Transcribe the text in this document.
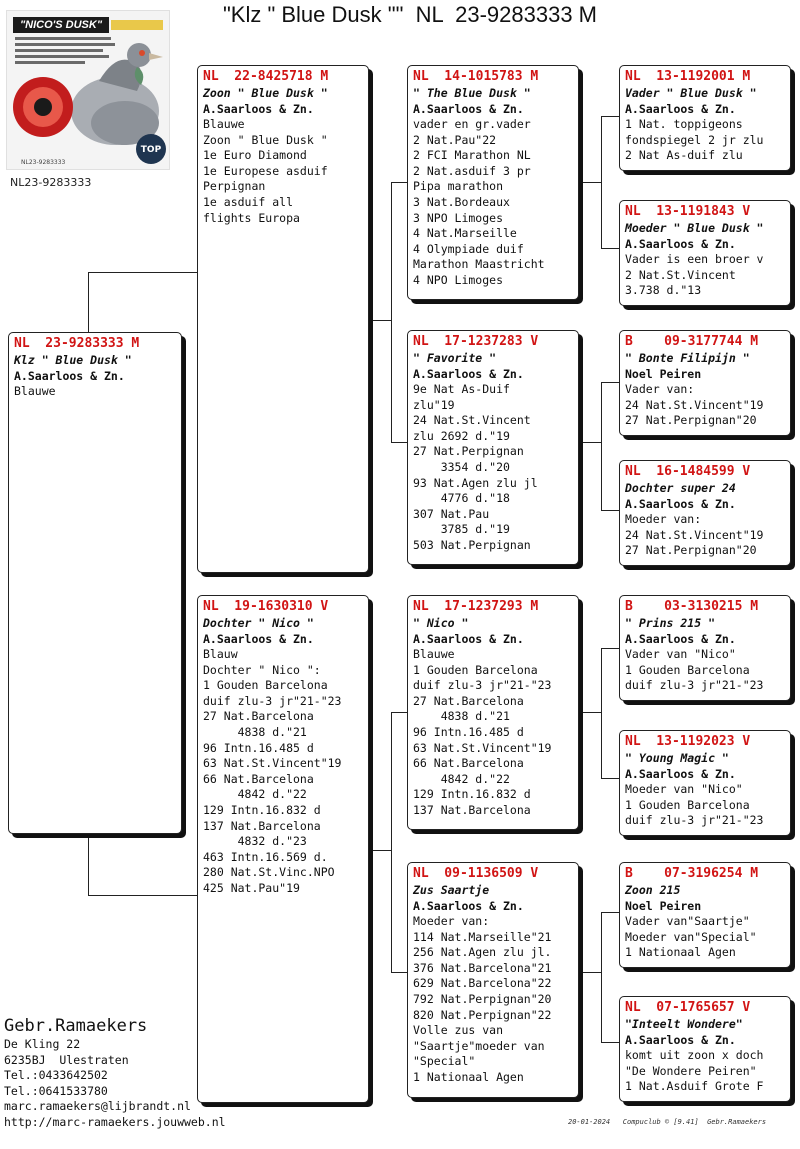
"Klz " Blue Dusk ""  NL  23-9283333 M
"NICO'S DUSK"
TOP
NL23-9283333
NL23-9283333
NL  23-9283333 M
Klz " Blue Dusk "
A.Saarloos & Zn.
Blauwe
NL  22-8425718 M
Zoon " Blue Dusk "
A.Saarloos & Zn.
Blauwe
Zoon " Blue Dusk "
1e Euro Diamond
1e Europese asduif
Perpignan
1e asduif all
flights Europa
NL  19-1630310 V
Dochter " Nico "
A.Saarloos & Zn.
Blauw
Dochter " Nico ":
1 Gouden Barcelona
duif zlu-3 jr"21-"23
27 Nat.Barcelona
4838 d."21
96 Intn.16.485 d
63 Nat.St.Vincent"19
66 Nat.Barcelona
4842 d."22
129 Intn.16.832 d
137 Nat.Barcelona
4832 d."23
463 Intn.16.569 d.
280 Nat.St.Vinc.NPO
425 Nat.Pau"19
NL  14-1015783 M
" The Blue Dusk "
A.Saarloos & Zn.
vader en gr.vader
2 Nat.Pau"22
2 FCI Marathon NL
2 Nat.asduif 3 pr
Pipa marathon
3 Nat.Bordeaux
3 NPO Limoges
4 Nat.Marseille
4 Olympiade duif
Marathon Maastricht
4 NPO Limoges
NL  17-1237283 V
" Favorite "
A.Saarloos & Zn.
9e Nat As-Duif
zlu"19
24 Nat.St.Vincent
zlu 2692 d."19
27 Nat.Perpignan
3354 d."20
93 Nat.Agen zlu jl
4776 d."18
307 Nat.Pau
3785 d."19
503 Nat.Perpignan
NL  17-1237293 M
" Nico "
A.Saarloos & Zn.
Blauwe
1 Gouden Barcelona
duif zlu-3 jr"21-"23
27 Nat.Barcelona
4838 d."21
96 Intn.16.485 d
63 Nat.St.Vincent"19
66 Nat.Barcelona
4842 d."22
129 Intn.16.832 d
137 Nat.Barcelona
NL  09-1136509 V
Zus Saartje
A.Saarloos & Zn.
Moeder van:
114 Nat.Marseille"21
256 Nat.Agen zlu jl.
376 Nat.Barcelona"21
629 Nat.Barcelona"22
792 Nat.Perpignan"20
820 Nat.Perpignan"22
Volle zus van
"Saartje"moeder van
"Special"
1 Nationaal Agen
NL  13-1192001 M
Vader " Blue Dusk "
A.Saarloos & Zn.
1 Nat. toppigeons
fondspiegel 2 jr zlu
2 Nat As-duif zlu
NL  13-1191843 V
Moeder " Blue Dusk "
A.Saarloos & Zn.
Vader is een broer v
2 Nat.St.Vincent
3.738 d."13
B    09-3177744 M
" Bonte Filipijn "
Noel Peiren
Vader van:
24 Nat.St.Vincent"19
27 Nat.Perpignan"20
NL  16-1484599 V
Dochter super 24
A.Saarloos & Zn.
Moeder van:
24 Nat.St.Vincent"19
27 Nat.Perpignan"20
B    03-3130215 M
" Prins 215 "
A.Saarloos & Zn.
Vader van "Nico"
1 Gouden Barcelona
duif zlu-3 jr"21-"23
NL  13-1192023 V
" Young Magic "
A.Saarloos & Zn.
Moeder van "Nico"
1 Gouden Barcelona
duif zlu-3 jr"21-"23
B    07-3196254 M
Zoon 215
Noel Peiren
Vader van"Saartje"
Moeder van"Special"
1 Nationaal Agen
NL  07-1765657 V
"Inteelt Wondere"
A.Saarloos & Zn.
komt uit zoon x doch
"De Wondere Peiren"
1 Nat.Asduif Grote F
Gebr.Ramaekers
De Kling 22
6235BJ  Ulestraten
Tel.:0433642502
Tel.:0641533780
marc.ramaekers@lijbrandt.nl
http://marc-ramaekers.jouwweb.nl	20-01-2024   Compuclub © [9.41]  Gebr.Ramaekers
